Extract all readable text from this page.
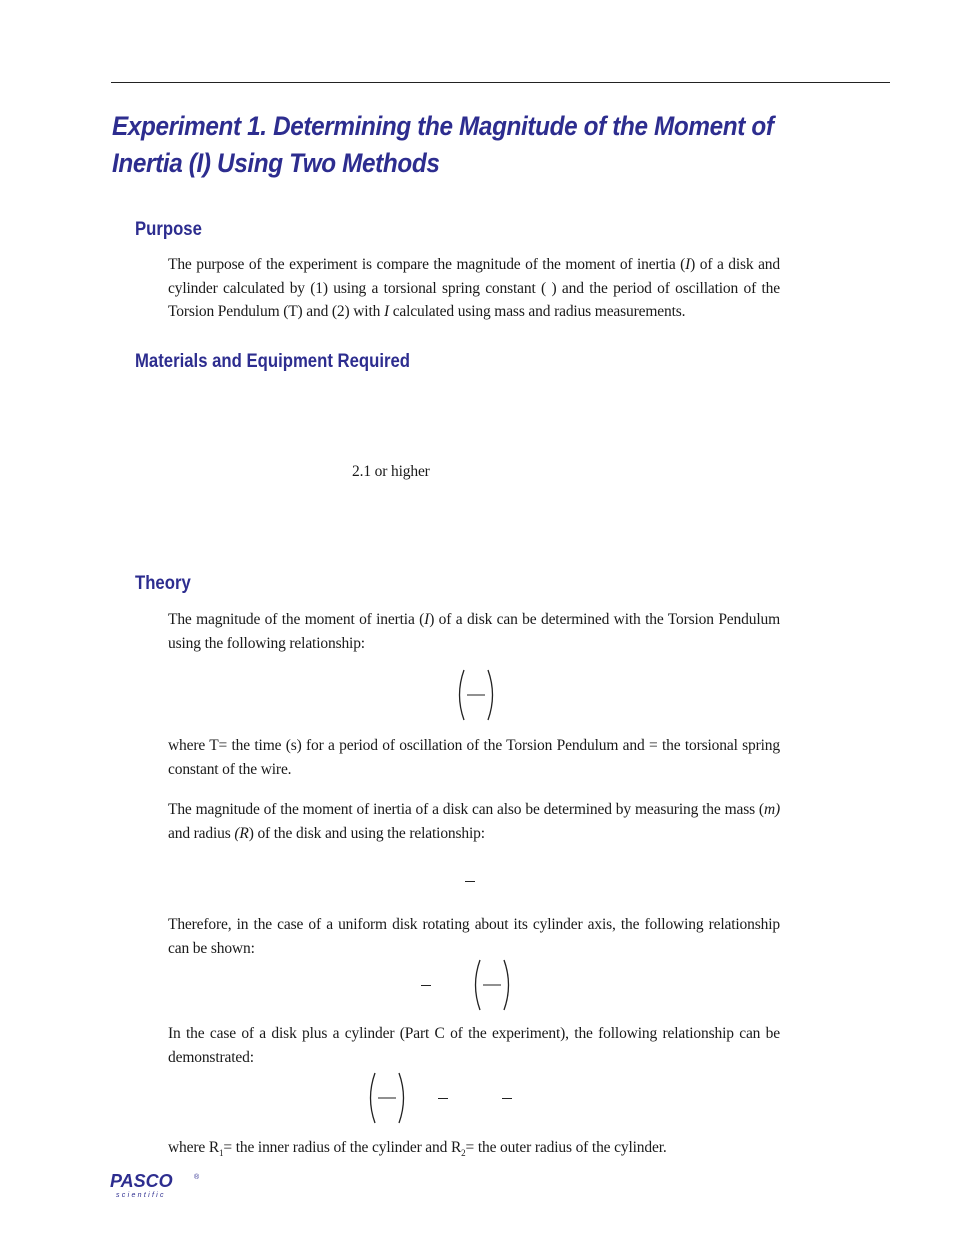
Experiment 1. Determining the Magnitude of the Moment of
Inertia (I) Using Two Methods
Purpose

The purpose of the experiment is compare the magnitude of the moment of inertia (I) of a disk and cylinder calculated by (1) using a torsional spring constant ( ) and the period of oscillation of the Torsion Pendulum (T) and (2) with I calculated using mass and radius measurements.

Materials and Equipment Required
2.1 or higher
Theory

The magnitude of the moment of inertia (I) of a disk can be determined with the Torsion Pendulum using the following relationship:

where T= the time (s) for a period of oscillation of the Torsion Pendulum and = the torsional spring constant of the wire.

The magnitude of the moment of inertia of a disk can also be determined by measuring the mass (m) and radius (R) of the disk and using the relationship:

Therefore, in the case of a uniform disk rotating about its cylinder axis, the following relationship can be shown:

In the case of a disk plus a cylinder (Part C of the experiment), the following relationship can be demonstrated:

where $R_1=$ the inner radius of the cylinder and $R_2=$ the outer radius of the cylinder.

PASCO
scientific
®
